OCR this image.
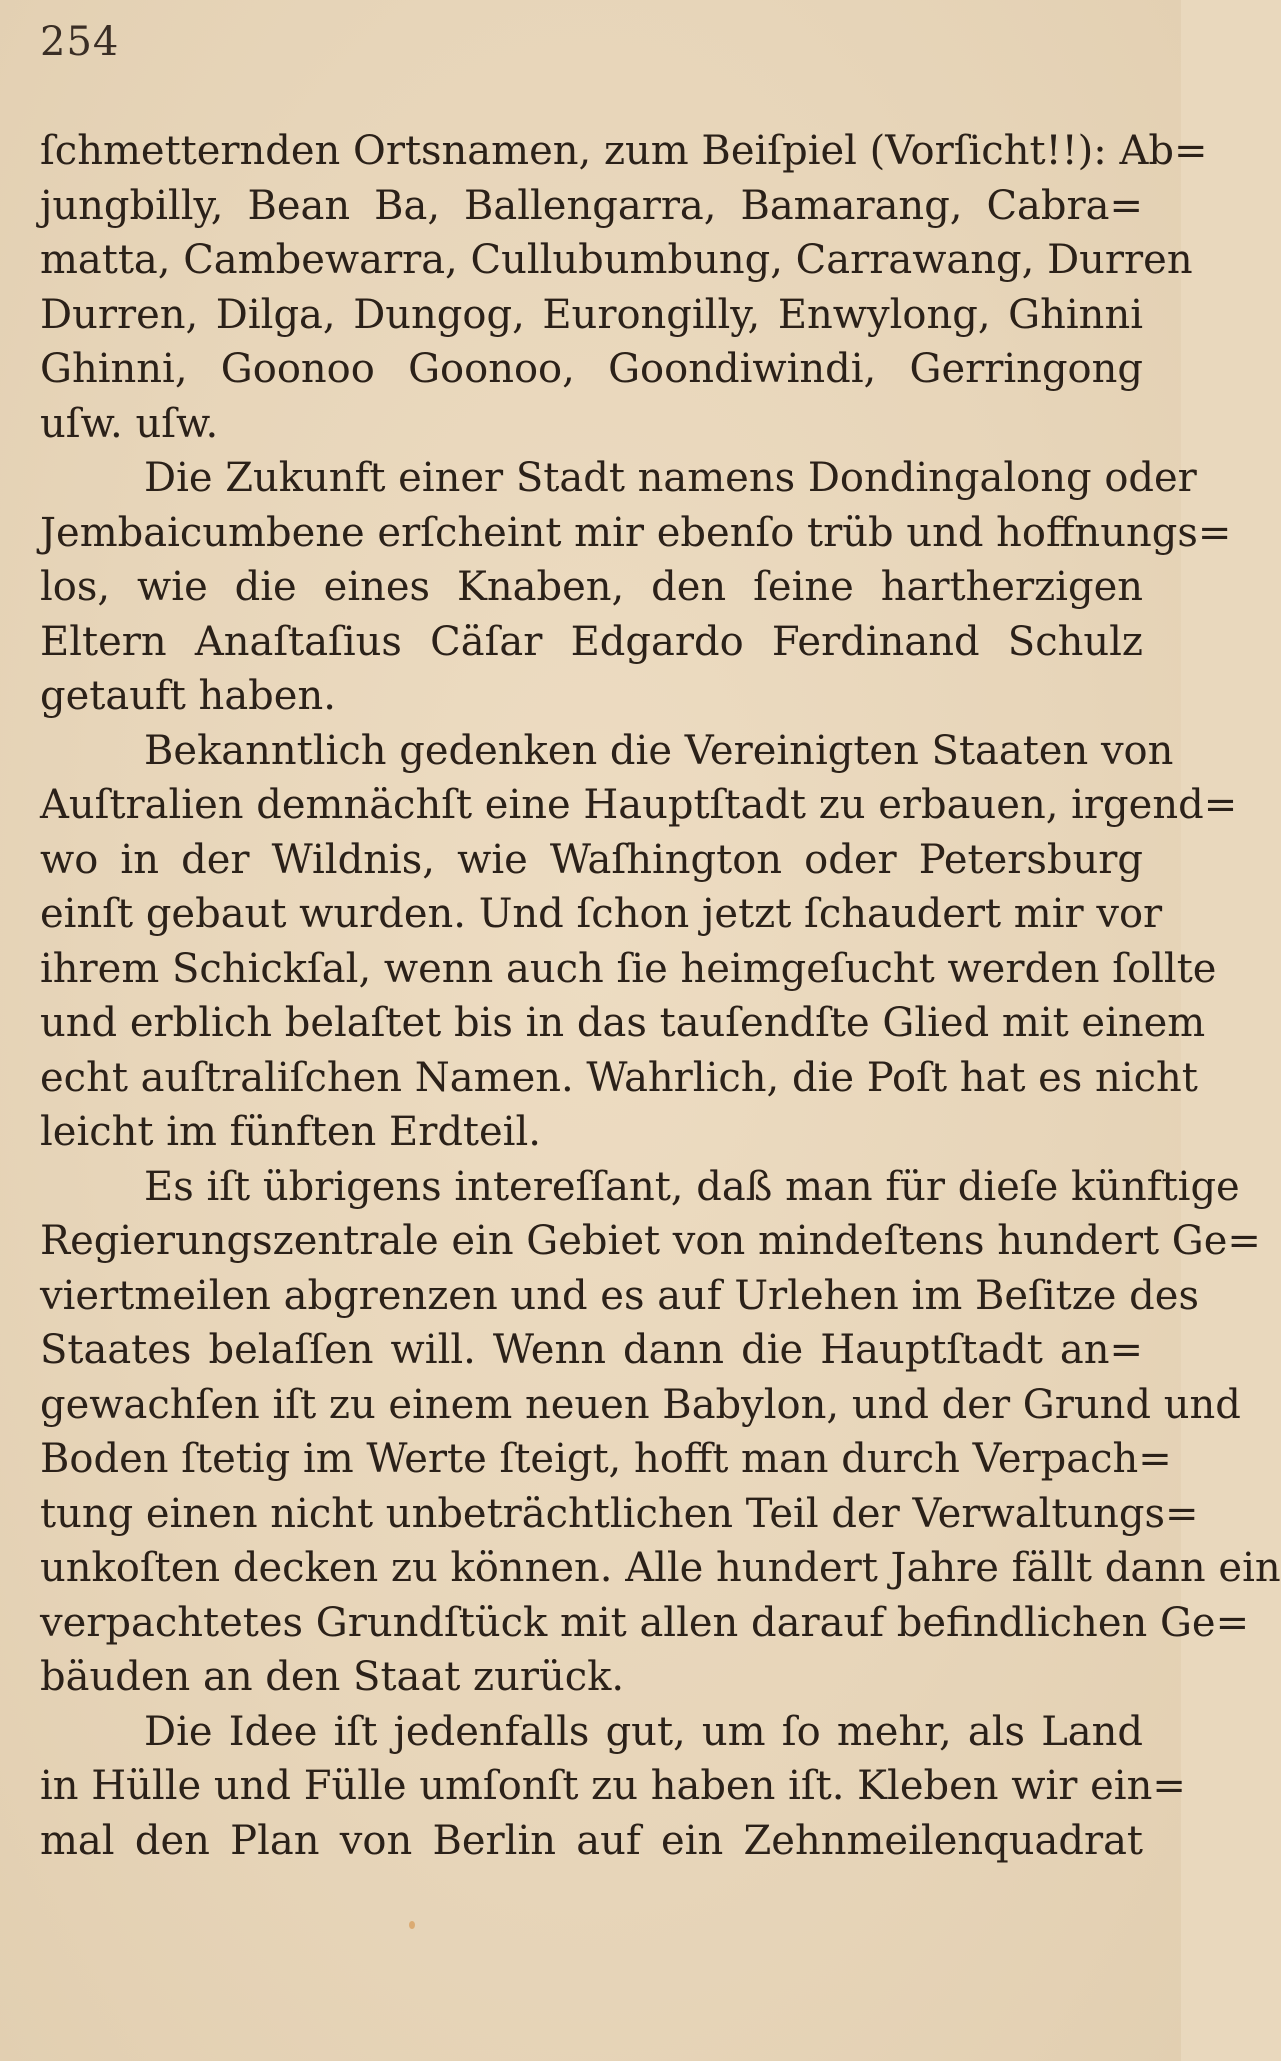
254
ſchmetternden Ortsnamen, zum Beiſpiel (Vorſicht!!): Ab=
jungbilly, Bean Ba, Ballengarra, Bamarang, Cabra=
matta, Cambewarra, Cullubumbung, Carrawang, Durren
Durren, Dilga, Dungog, Eurongilly, Enwylong, Ghinni
Ghinni, Goonoo Goonoo, Goondiwindi, Gerringong
uſw. uſw.
Die Zukunft einer Stadt namens Dondingalong oder
Jembaicumbene erſcheint mir ebenſo trüb und hoffnungs=
los, wie die eines Knaben, den ſeine hartherzigen
Eltern Anaſtaſius Cäſar Edgardo Ferdinand Schulz
getauft haben.
Bekanntlich gedenken die Vereinigten Staaten von
Auſtralien demnächſt eine Hauptſtadt zu erbauen, irgend=
wo in der Wildnis, wie Waſhington oder Petersburg
einſt gebaut wurden. Und ſchon jetzt ſchaudert mir vor
ihrem Schickſal, wenn auch ſie heimgeſucht werden ſollte
und erblich belaſtet bis in das tauſendſte Glied mit einem
echt auſtraliſchen Namen. Wahrlich, die Poſt hat es nicht
leicht im fünften Erdteil.
Es iſt übrigens intereſſant, daß man für dieſe künftige
Regierungszentrale ein Gebiet von mindeſtens hundert Ge=
viertmeilen abgrenzen und es auf Urlehen im Beſitze des
Staates belaſſen will. Wenn dann die Hauptſtadt an=
gewachſen iſt zu einem neuen Babylon, und der Grund und
Boden ſtetig im Werte ſteigt, hofft man durch Verpach=
tung einen nicht unbeträchtlichen Teil der Verwaltungs=
unkoſten decken zu können. Alle hundert Jahre fällt dann ein
verpachtetes Grundſtück mit allen darauf befindlichen Ge=
bäuden an den Staat zurück.
Die Idee iſt jedenfalls gut, um ſo mehr, als Land
in Hülle und Fülle umſonſt zu haben iſt. Kleben wir ein=
mal den Plan von Berlin auf ein Zehnmeilenquadrat
